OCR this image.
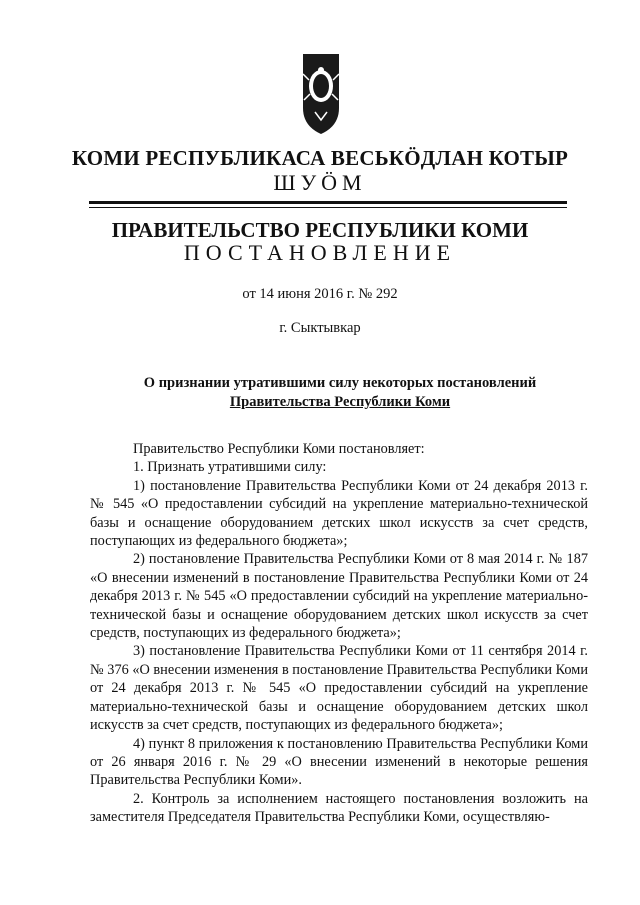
КОМИ РЕСПУБЛИКАСА ВЕСЬКӦДЛАН КОТЫР
ШУӦМ
ПРАВИТЕЛЬСТВО РЕСПУБЛИКИ КОМИ
ПОСТАНОВЛЕНИЕ
от 14 июня 2016 г. № 292
г. Сыктывкар
О признании утратившими силу некоторых постановлений
Правительства Республики Коми

Правительство Республики Коми постановляет:

1. Признать утратившими силу:

1) постановление Правительства Республики Коми от 24 декабря 2013 г. № 545 «О предоставлении субсидий на укрепление материально-технической базы и оснащение оборудованием детских школ искусств за счет средств, поступающих из федерального бюджета»;

2) постановление Правительства Республики Коми от 8 мая 2014 г. № 187 «О внесении изменений в постановление Правительства Республики Коми от 24 декабря 2013 г. № 545 «О предоставлении субсидий на укрепление материально-технической базы и оснащение оборудованием детских школ искусств за счет средств, поступающих из федерального бюджета»;

3) постановление Правительства Республики Коми от 11 сентября 2014 г. № 376 «О внесении изменения в постановление Правительства Республики Коми от 24 декабря 2013 г. № 545 «О предоставлении субсидий на укрепление материально-технической базы и оснащение оборудованием детских школ искусств за счет средств, поступающих из федерального бюджета»;

4) пункт 8 приложения к постановлению Правительства Республики Коми от 26 января 2016 г. № 29 «О внесении изменений в некоторые решения Правительства Республики Коми».

2. Контроль за исполнением настоящего постановления возложить на заместителя Председателя Правительства Республики Коми, осуществляю-
